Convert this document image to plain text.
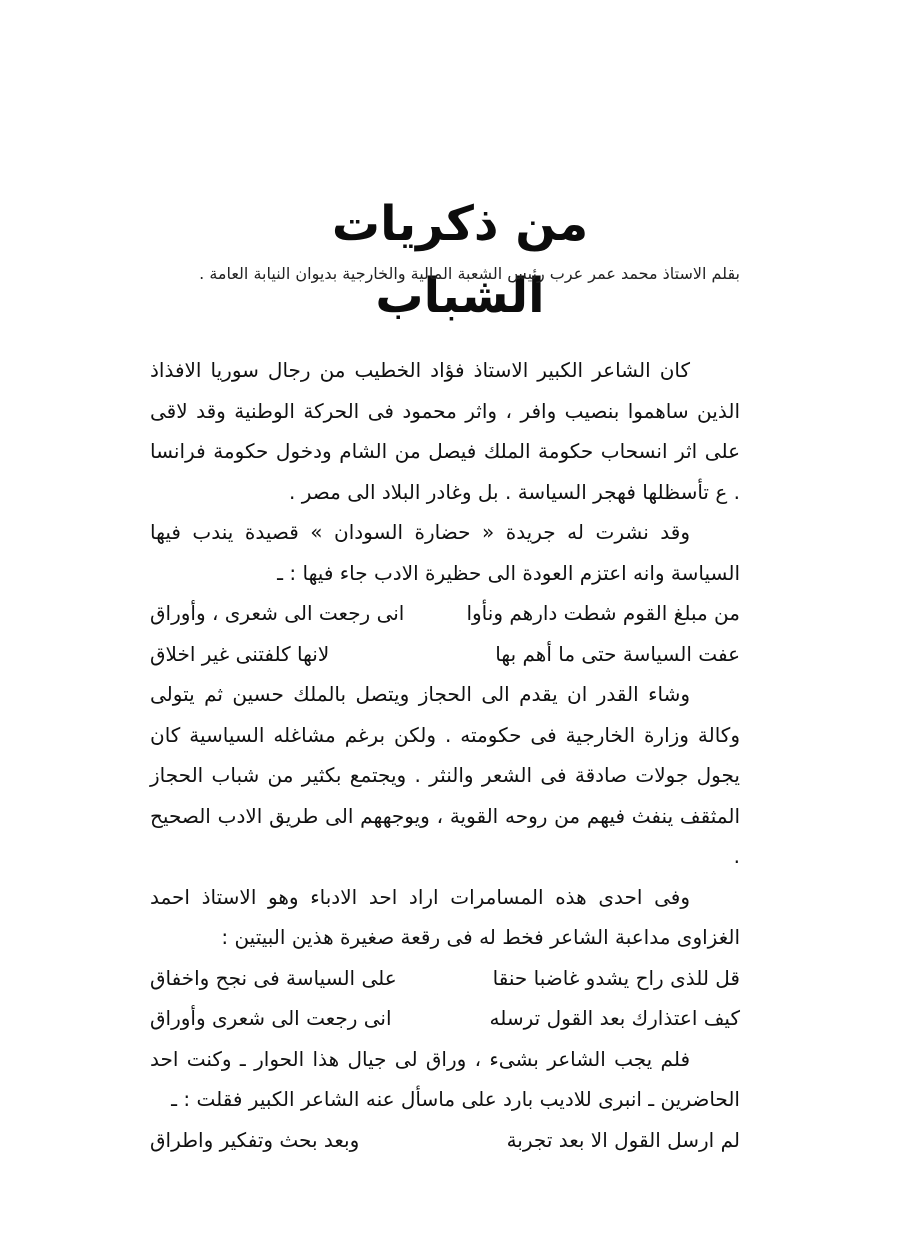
من ذكريات الشباب
بقلم الاستاذ محمد عمر عرب رئيس الشعبة المالية والخارجية بديوان النيابة العامة .

كان الشاعر الكبير الاستاذ فؤاد الخطيب من رجال سوريا الافذاذ الذين ساهموا بنصيب وافر ، واثر محمود فى الحركة الوطنية وقد لاقى على اثر انسحاب حكومة الملك فيصل من الشام ودخول حكومة فرانسا . ع تأسظلها فهجر السياسة . بل وغادر البلاد الى مصر .

وقد نشرت له جريدة « حضارة السودان » قصيدة يندب فيها السياسة وانه اعتزم العودة الى حظيرة الادب جاء فيها : ـ

من مبلغ القوم شطت دارهم ونأوا
انى رجعت الى شعرى ، وأوراق
عفت السياسة حتى ما أهم بها
لانها كلفتنى غير اخلاق

وشاء القدر ان يقدم الى الحجاز ويتصل بالملك حسين ثم يتولى وكالة وزارة الخارجية فى حكومته . ولكن برغم مشاغله السياسية كان يجول جولات صادقة فى الشعر والنثر . ويجتمع بكثير من شباب الحجاز المثقف ينفث فيهم من روحه القوية ، ويوجههم الى طريق الادب الصحيح .

وفى احدى هذه المسامرات اراد احد الادباء وهو الاستاذ احمد الغزاوى مداعبة الشاعر فخط له فى رقعة صغيرة هذين البيتين :

قل للذى راح يشدو غاضبا حنقا
على السياسة فى نجح واخفاق
كيف اعتذارك بعد القول ترسله
انى رجعت الى شعرى وأوراق

فلم يجب الشاعر بشىء ، وراق لى جيال هذا الحوار ـ وكنت احد الحاضرين ـ انبرى للاديب بارد على ماسأل عنه الشاعر الكبير فقلت : ـ

لم ارسل القول الا بعد تجربة
وبعد بحث وتفكير واطراق
